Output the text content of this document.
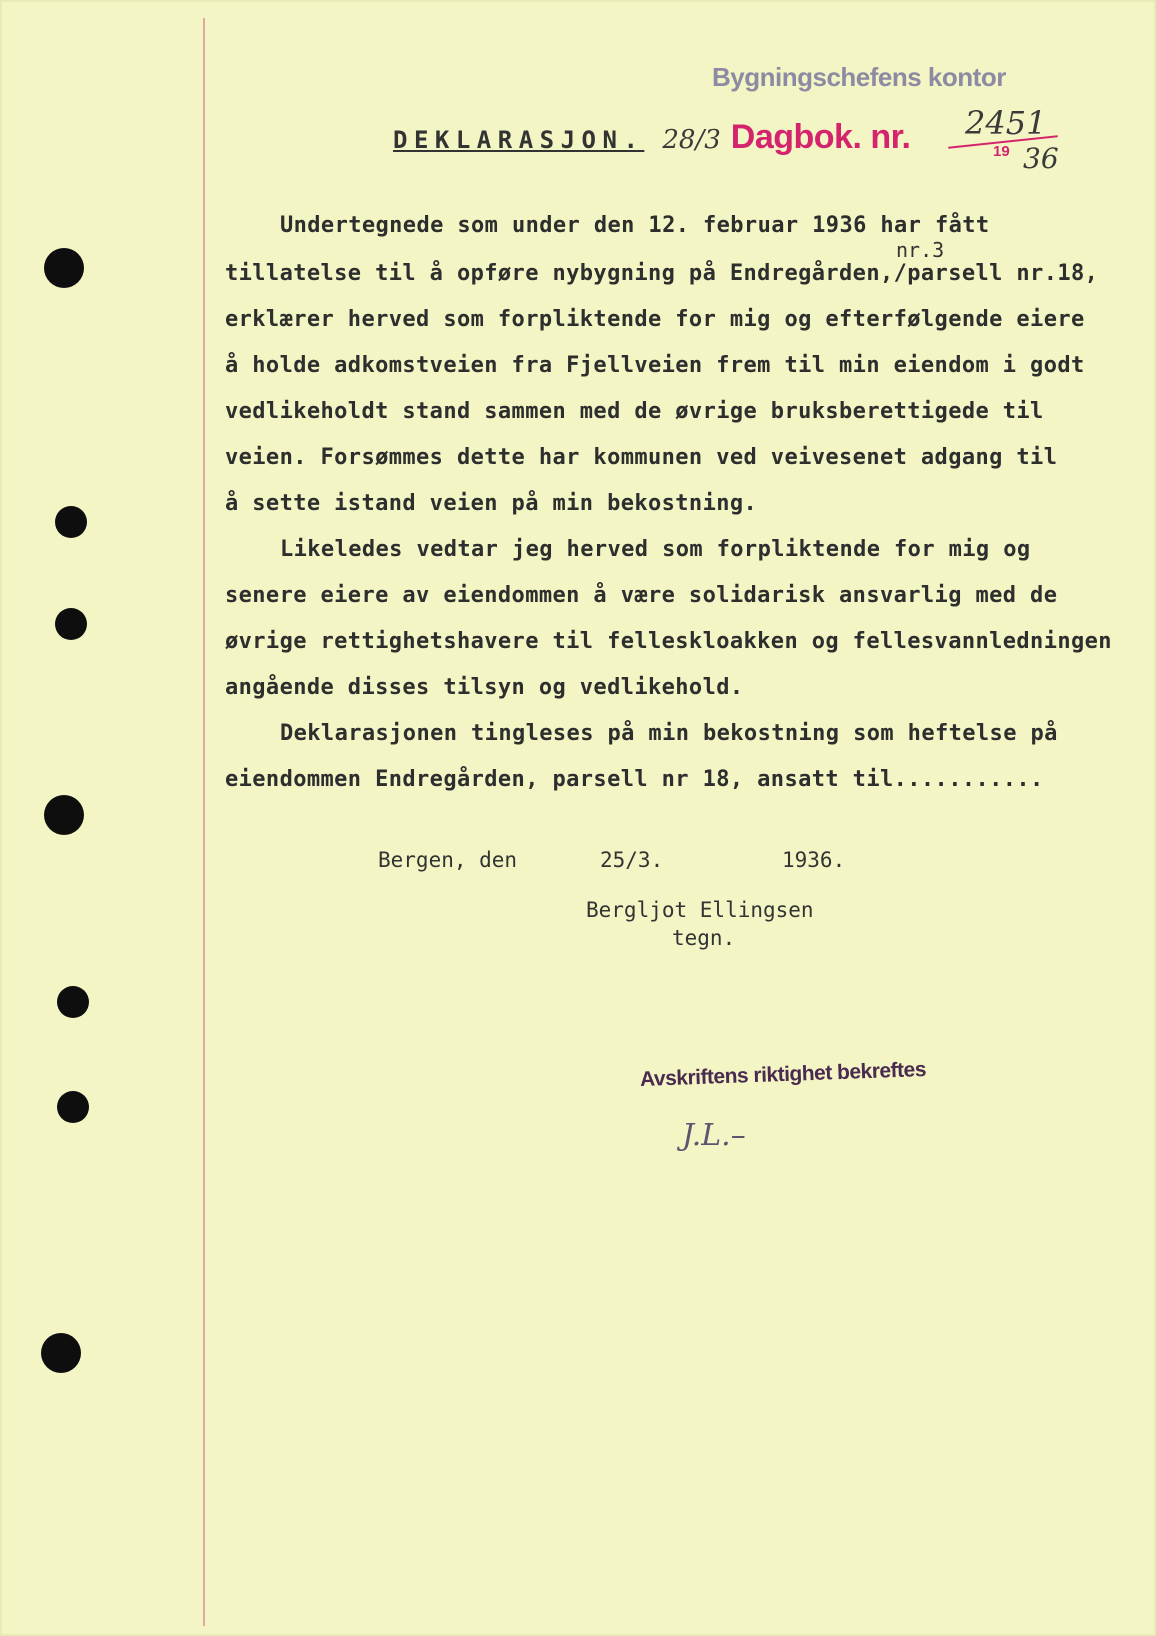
Bygningschefens kontor
DEKLARASJON. 28/3 Dagbok. nr. 2451
19 36
Undertegnede som under den 12. februar 1936 har fått
nr.3
tillatelse til å opføre nybygning på Endregården,/parsell nr.18,
erklærer herved som forpliktende for mig og efterfølgende eiere
å holde adkomstveien fra Fjellveien frem til min eiendom i godt
vedlikeholdt stand sammen med de øvrige bruksberettigede til
veien. Forsømmes dette har kommunen ved veivesenet adgang til
å sette istand veien på min bekostning.
Likeledes vedtar jeg herved som forpliktende for mig og
senere eiere av eiendommen å være solidarisk ansvarlig med de
øvrige rettighetshavere til felleskloakken og fellesvannledningen
angående disses tilsyn og vedlikehold.
Deklarasjonen tingleses på min bekostning som heftelse på
eiendommen Endregården, parsell nr 18, ansatt til...........
Bergen, den	25/3.	1936.
Bergljot Ellingsen
tegn.
Avskriftens riktighet bekreftes
J.L.–
